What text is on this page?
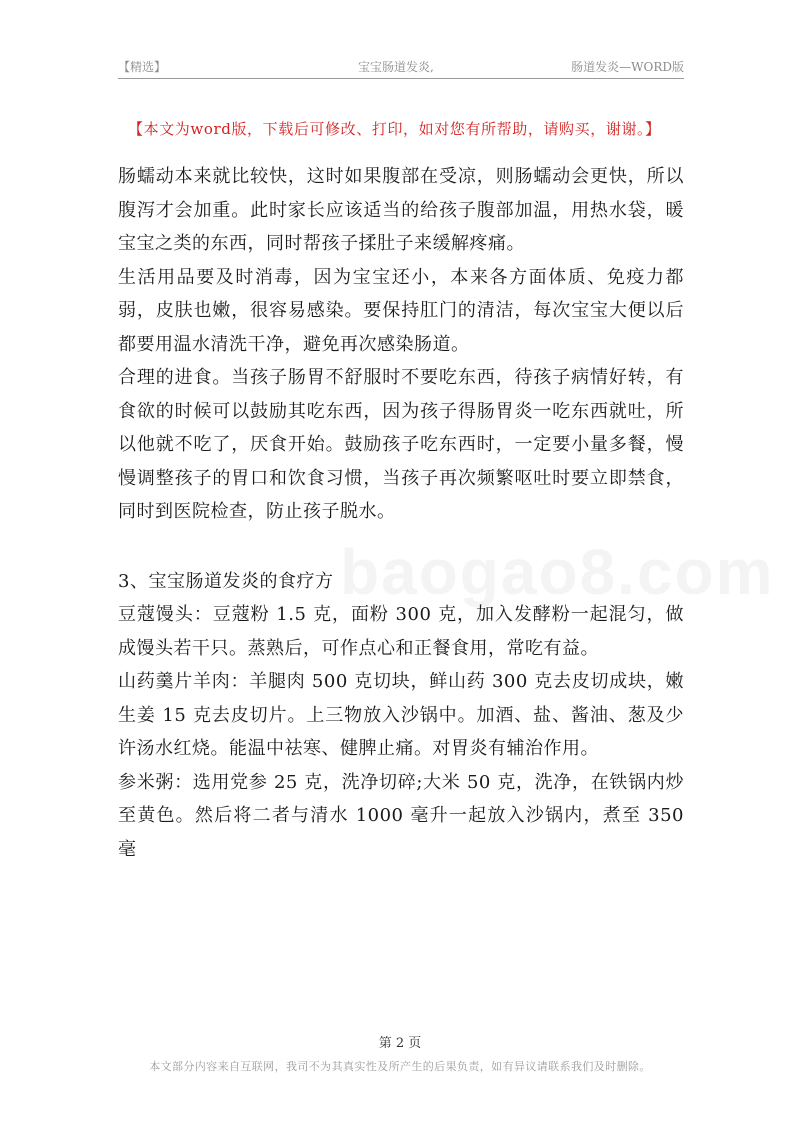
【精选】	宝宝肠道发炎,	肠道发炎—WORD版
【本文为word版，下载后可修改、打印，如对您有所帮助，请购买，谢谢。】
baogao8.com

肠蠕动本来就比较快，这时如果腹部在受凉，则肠蠕动会更快，所以腹泻才会加重。此时家长应该适当的给孩子腹部加温，用热水袋，暖宝宝之类的东西，同时帮孩子揉肚子来缓解疼痛。

生活用品要及时消毒，因为宝宝还小，本来各方面体质、免疫力都弱，皮肤也嫩，很容易感染。要保持肛门的清洁，每次宝宝大便以后都要用温水清洗干净，避免再次感染肠道。

合理的进食。当孩子肠胃不舒服时不要吃东西，待孩子病情好转，有食欲的时候可以鼓励其吃东西，因为孩子得肠胃炎一吃东西就吐，所以他就不吃了，厌食开始。鼓励孩子吃东西时，一定要小量多餐，慢慢调整孩子的胃口和饮食习惯，当孩子再次频繁呕吐时要立即禁食，同时到医院检查，防止孩子脱水。

3、宝宝肠道发炎的食疗方

豆蔻馒头：豆蔻粉 1.5 克，面粉 300 克，加入发酵粉一起混匀，做成馒头若干只。蒸熟后，可作点心和正餐食用，常吃有益。

山药羹片羊肉：羊腿肉 500 克切块，鲜山药 300 克去皮切成块，嫩生姜 15 克去皮切片。上三物放入沙锅中。加酒、盐、酱油、葱及少许汤水红烧。能温中祛寒、健脾止痛。对胃炎有辅治作用。

参米粥：选用党参 25 克，洗净切碎;大米 50 克，洗净，在铁锅内炒至黄色。然后将二者与清水 1000 毫升一起放入沙锅内，煮至 350 毫

第 2 页
本文部分内容来自互联网，我司不为其真实性及所产生的后果负责，如有异议请联系我们及时删除。
